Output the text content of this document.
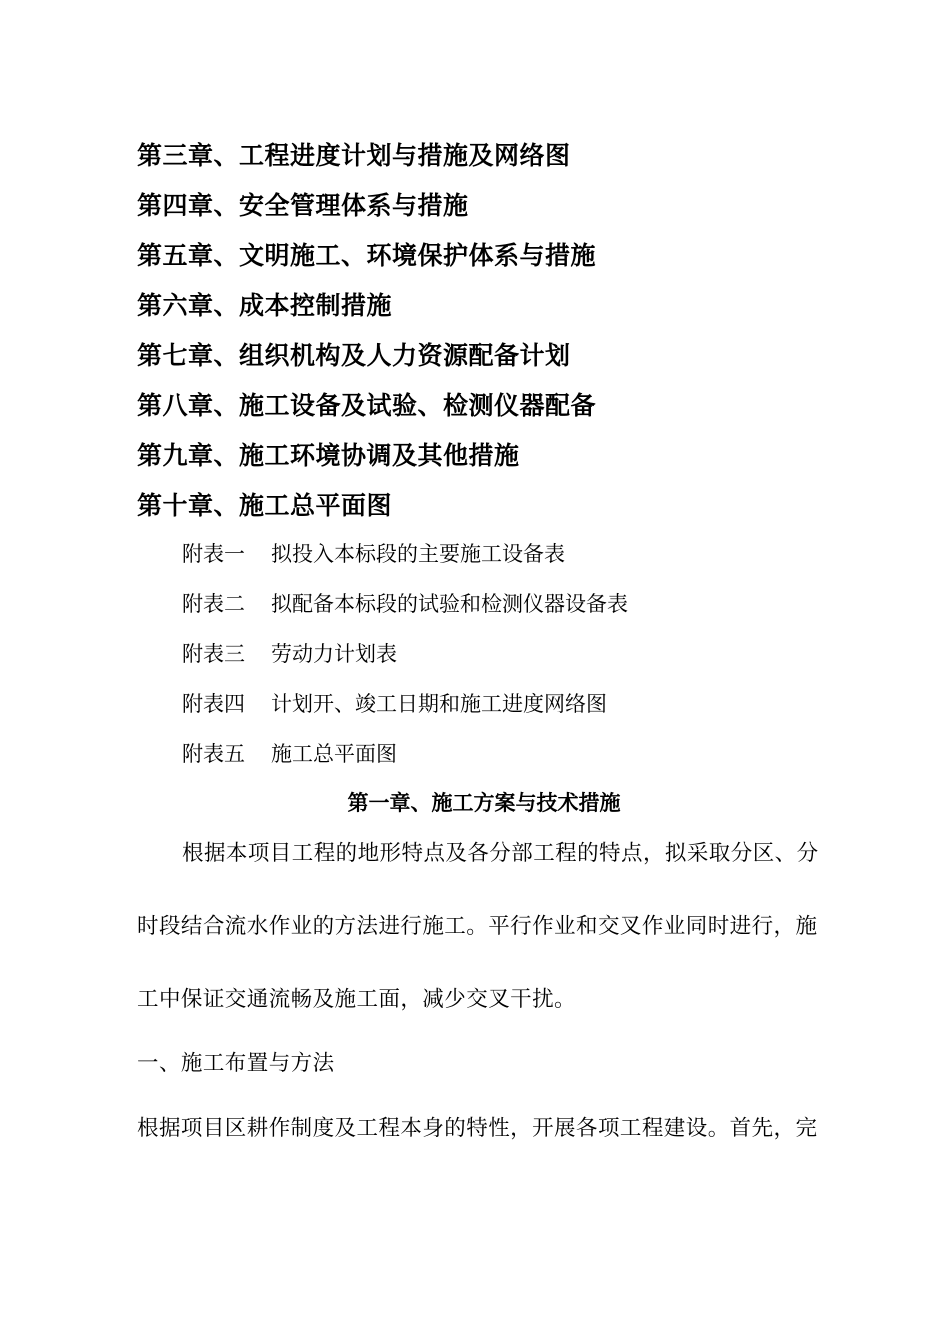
第三章、工程进度计划与措施及网络图
第四章、安全管理体系与措施
第五章、文明施工、环境保护体系与措施
第六章、成本控制措施
第七章、组织机构及人力资源配备计划
第八章、施工设备及试验、检测仪器配备
第九章、施工环境协调及其他措施
第十章、施工总平面图
附表一 拟投入本标段的主要施工设备表
附表二 拟配备本标段的试验和检测仪器设备表
附表三 劳动力计划表
附表四 计划开、竣工日期和施工进度网络图
附表五 施工总平面图
第一章、施工方案与技术措施
根据本项目工程的地形特点及各分部工程的特点，拟采取分区、分
时段结合流水作业的方法进行施工。平行作业和交叉作业同时进行，施
工中保证交通流畅及施工面，减少交叉干扰。
一、施工布置与方法
根据项目区耕作制度及工程本身的特性，开展各项工程建设。首先，完
